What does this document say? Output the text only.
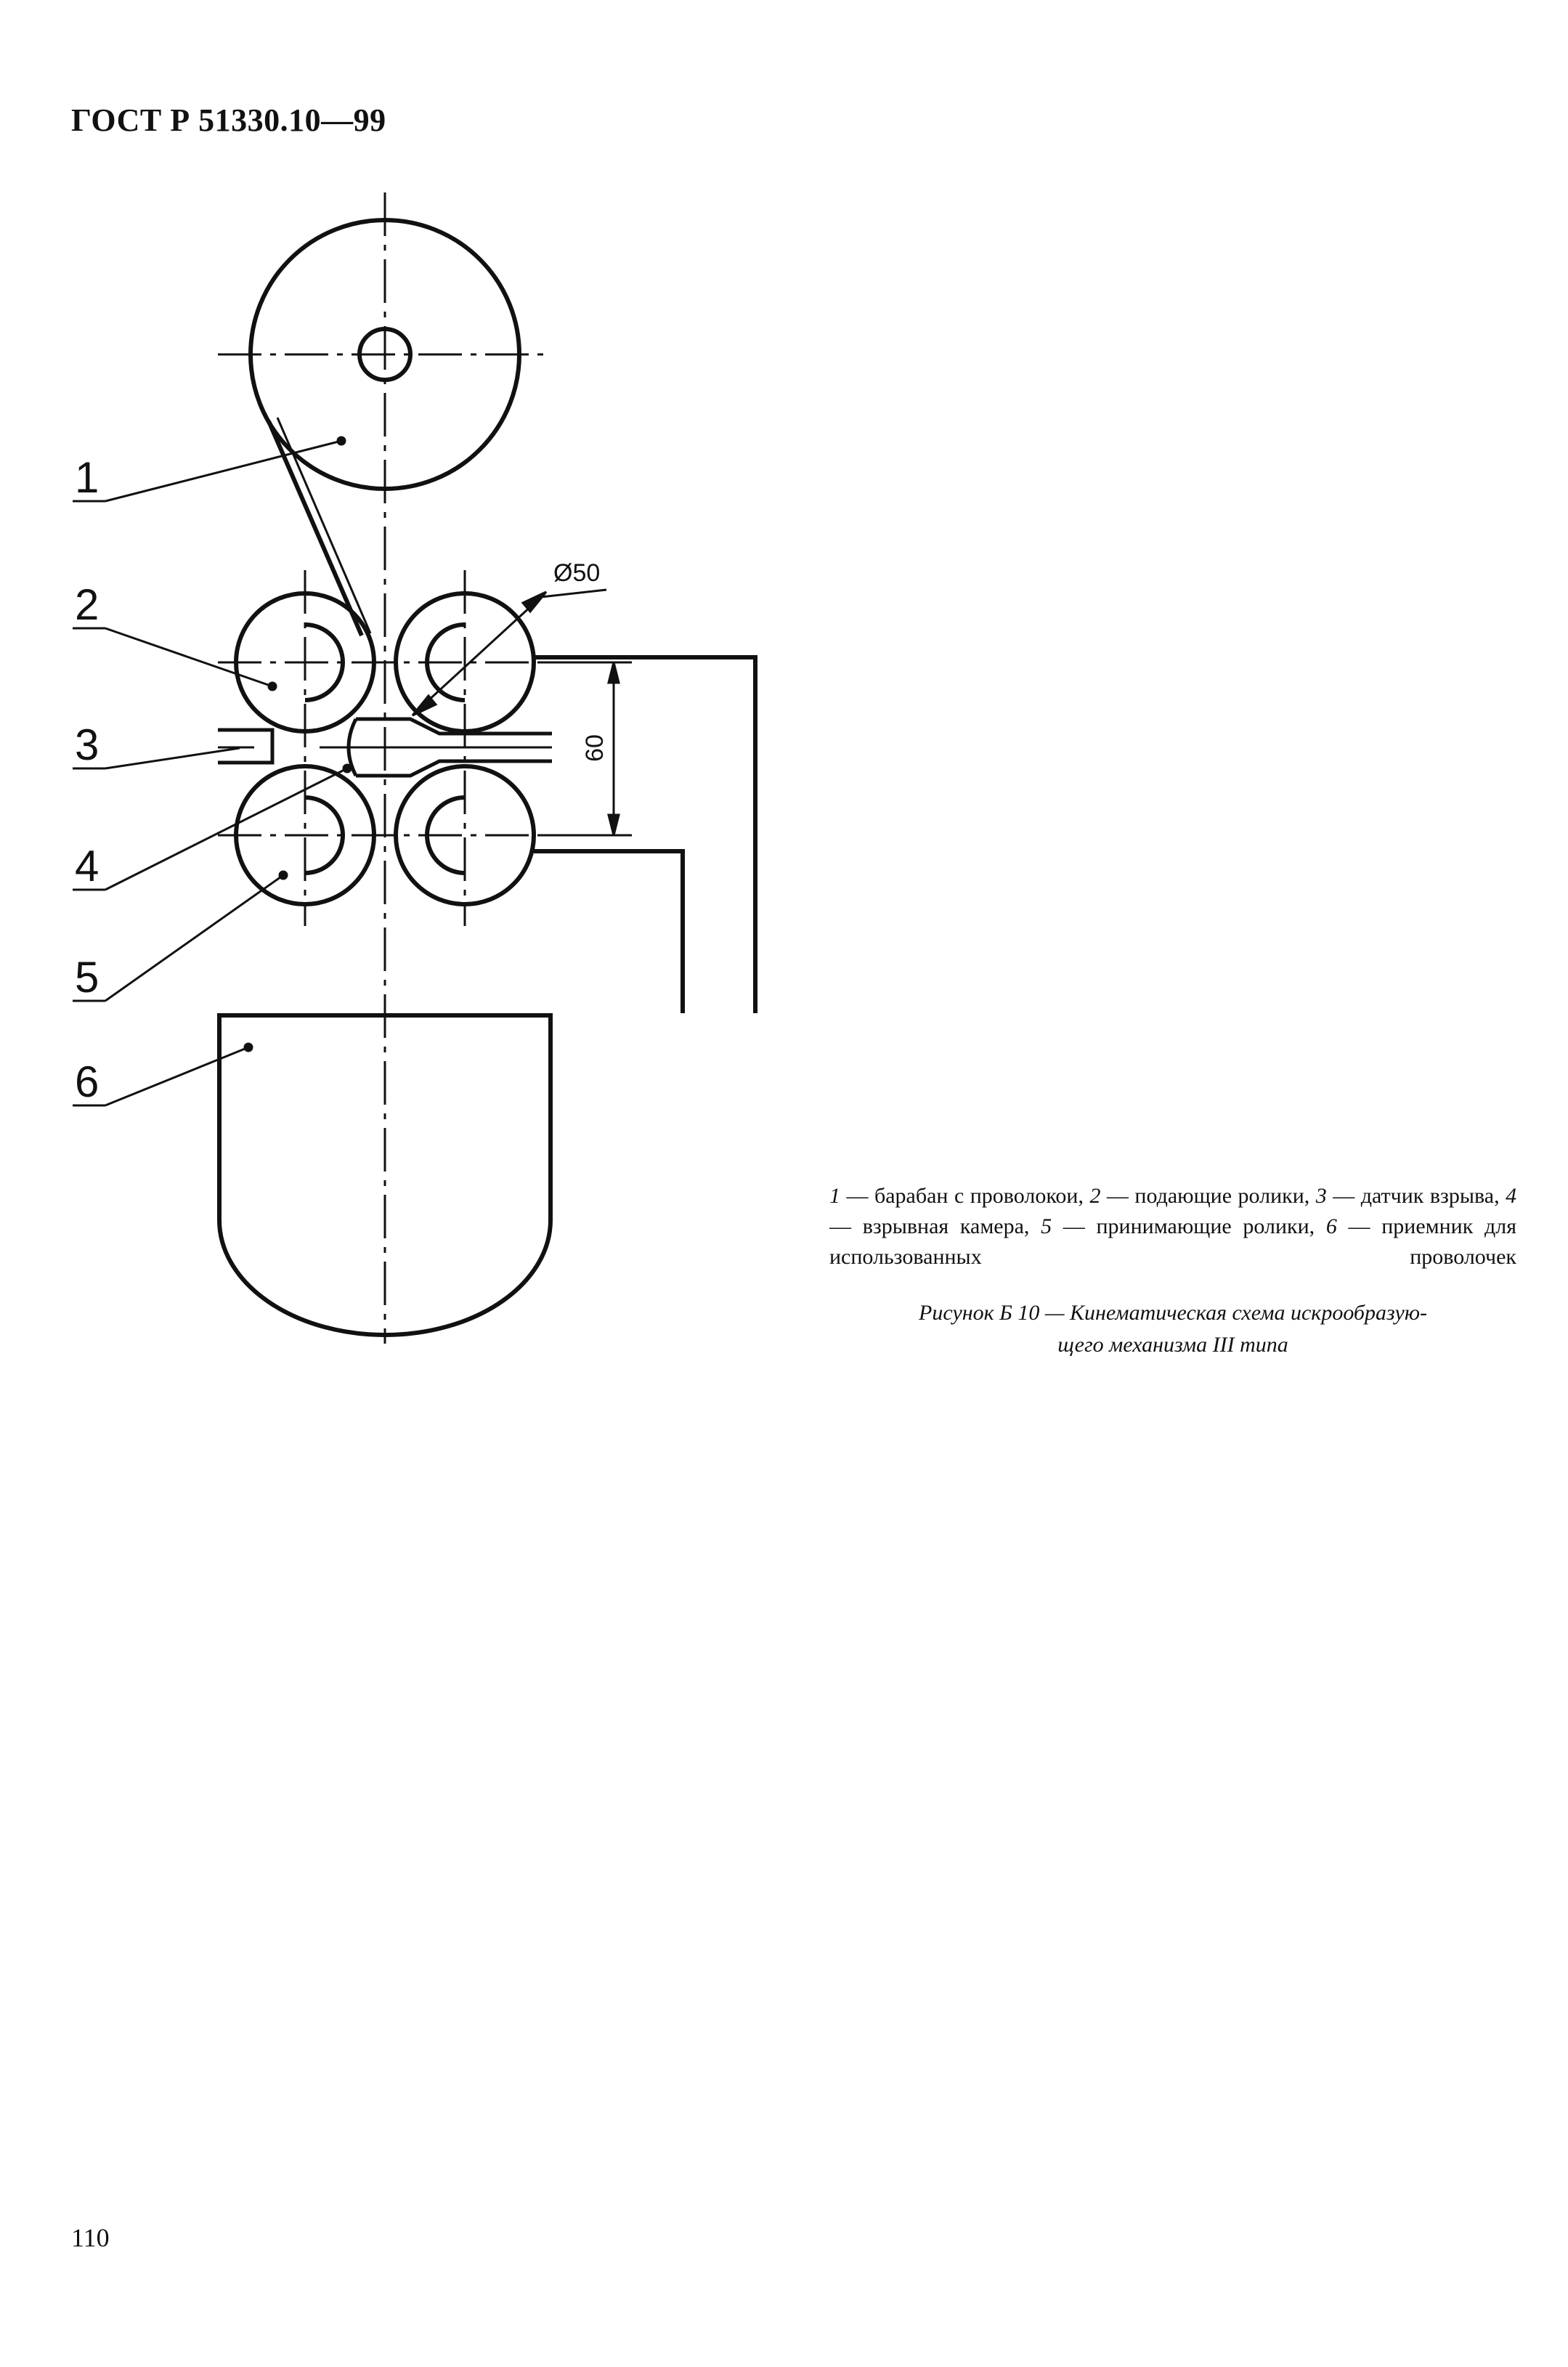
ГОСТ Р 51330.10—99
60
Ø50
1
2
3
4
5
6
1 — барабан с проволокои, 2 — подающие ролики, 3 — датчик взрыва, 4 — взрывная камера, 5 — принимающие ролики, 6 — приемник для использованных проволочек
Рисунок Б 10 — Кинематическая схема искрообразую-
щего механизма III типа
110
